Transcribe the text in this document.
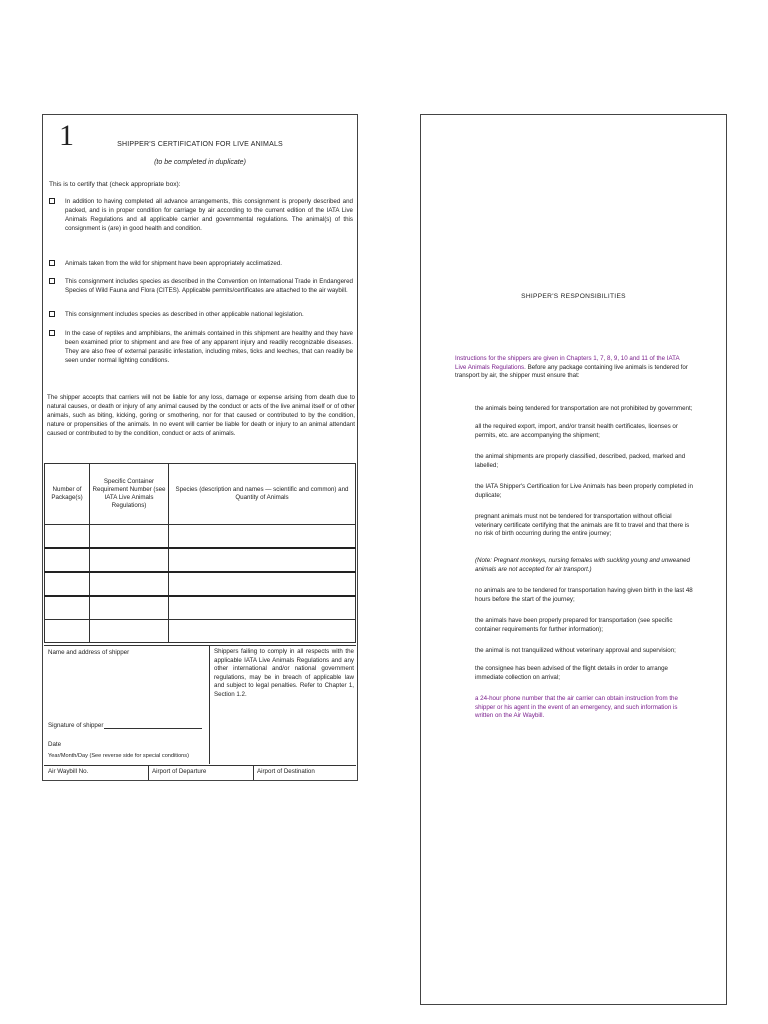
1	SHIPPER'S CERTIFICATION FOR LIVE ANIMALS
(to be completed in duplicate)
This is to certify that (check appropriate box):
In addition to having completed all advance arrangements, this consignment is properly described and packed, and is in proper condition for carriage by air according to the current edition of the IATA Live Animals Regulations and all applicable carrier and governmental regulations. The animal(s) of this consignment is (are) in good health and condition.
Animals taken from the wild for shipment have been appropriately acclimatized.
This consignment includes species as described in the Convention on International Trade in Endangered Species of Wild Fauna and Flora (CITES). Applicable permits/certificates are attached to the air waybill.
This consignment includes species as described in other applicable national legislation.
In the case of reptiles and amphibians, the animals contained in this shipment are healthy and they have been examined prior to shipment and are free of any apparent injury and readily recognizable diseases. They are also free of external parasitic infestation, including mites, ticks and leeches, that can readily be seen under normal lighting conditions.
The shipper accepts that carriers will not be liable for any loss, damage or expense arising from death due to natural causes, or death or injury of any animal caused by the conduct or acts of the live animal itself or of other animals, such as biting, kicking, goring or smothering, nor for that caused or contributed to by the condition, nature or propensities of the animals. In no event will carrier be liable for death or injury to an animal attendant caused or contributed to by the condition, conduct or acts of animals.
Number of Package(s)	Specific Container Requirement Number (see IATA Live Animals Regulations)	Species (description and names — scientific and common) and Quantity of Animals

Name and address of shipper
Signature of shipper
Date
Year/Month/Day (See reverse side for special conditions)
Shippers failing to comply in all respects with the applicable IATA Live Animals Regulations and any other international and/or national government regulations, may be in breach of applicable law and subject to legal penalties. Refer to Chapter 1, Section 1.2.
Air Waybill No.	Airport of Departure	Airport of Destination
SHIPPER'S RESPONSIBILITIES
Instructions for the shippers are given in Chapters 1, 7, 8, 9, 10 and 11 of the IATA Live Animals Regulations. Before any package containing live animals is tendered for transport by air, the shipper must ensure that:
the animals being tendered for transportation are not prohibited by government;
all the required export, import, and/or transit health certificates, licenses or permits, etc. are accompanying the shipment;
the animal shipments are properly classified, described, packed, marked and labelled;
the IATA Shipper's Certification for Live Animals has been properly completed in duplicate;
pregnant animals must not be tendered for transportation without official veterinary certificate certifying that the animals are fit to travel and that there is no risk of birth occurring during the entire journey;
(Note: Pregnant monkeys, nursing females with suckling young and unweaned animals are not accepted for air transport.)
no animals are to be tendered for transportation having given birth in the last 48 hours before the start of the journey;
the animals have been properly prepared for transportation (see specific container requirements for further information);
the animal is not tranquilized without veterinary approval and supervision;
the consignee has been advised of the flight details in order to arrange immediate collection on arrival;
a 24-hour phone number that the air carrier can obtain instruction from the shipper or his agent in the event of an emergency, and such information is written on the Air Waybill.
